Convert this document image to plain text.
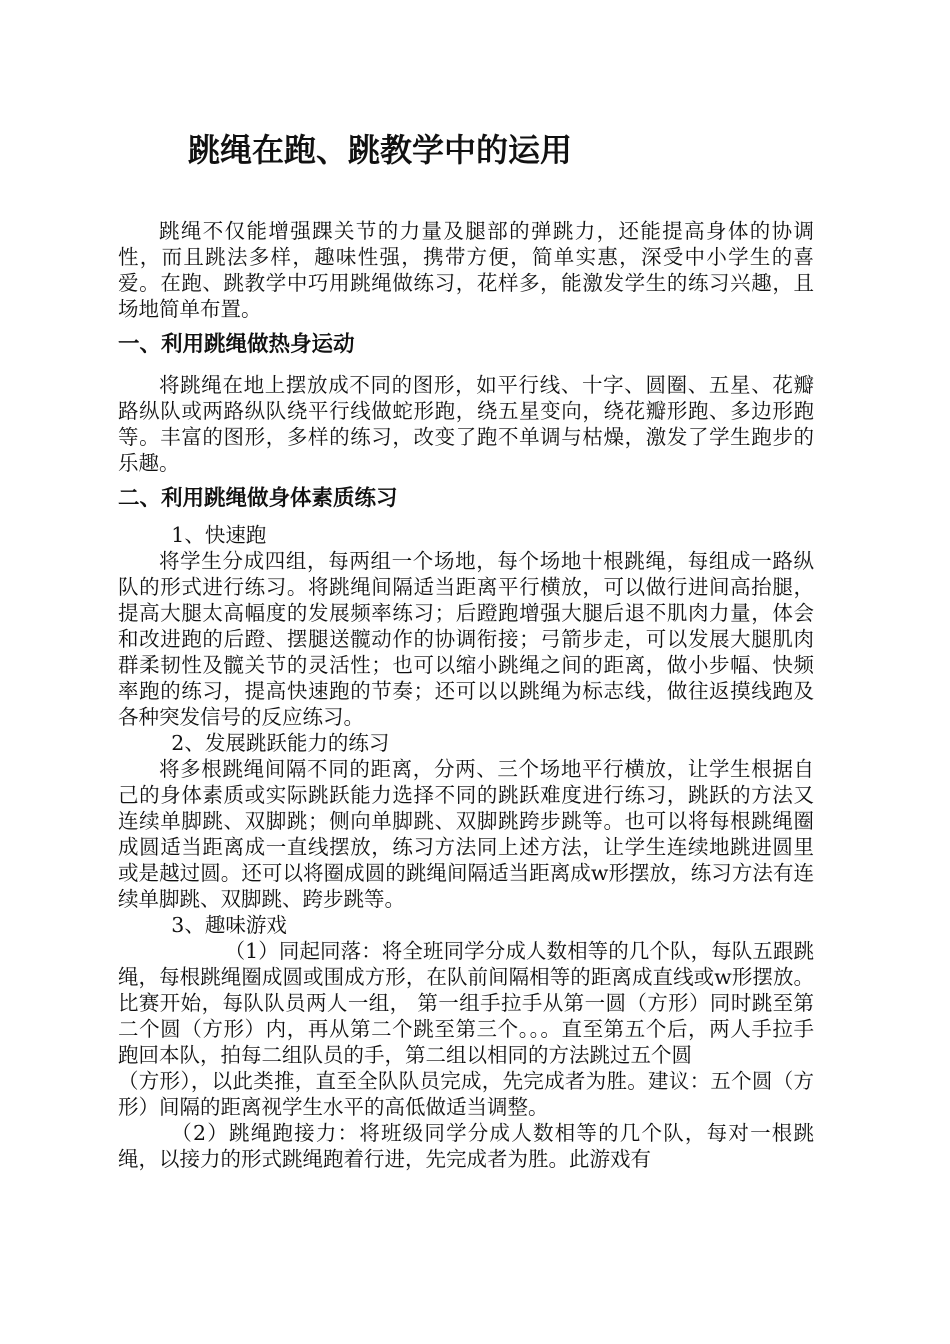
跳绳在跑、跳教学中的运用

跳绳不仅能增强踝关节的力量及腿部的弹跳力，还能提高身体的协调性，而且跳法多样，趣味性强，携带方便，简单实惠，深受中小学生的喜爱。在跑、跳教学中巧用跳绳做练习，花样多，能激发学生的练习兴趣，且场地简单布置。

一、利用跳绳做热身运动

将跳绳在地上摆放成不同的图形，如平行线、十字、圆圈、五星、花瓣路纵队或两路纵队绕平行线做蛇形跑，绕五星变向，绕花瓣形跑、多边形跑等。丰富的图形，多样的练习，改变了跑不单调与枯燥，激发了学生跑步的乐趣。

二、利用跳绳做身体素质练习

1、快速跑

将学生分成四组，每两组一个场地，每个场地十根跳绳，每组成一路纵队的形式进行练习。将跳绳间隔适当距离平行横放，可以做行进间高抬腿，提高大腿太高幅度的发展频率练习；后蹬跑增强大腿后退不肌肉力量，体会和改进跑的后蹬、摆腿送髋动作的协调衔接；弓箭步走，可以发展大腿肌肉群柔韧性及髋关节的灵活性；也可以缩小跳绳之间的距离，做小步幅、快频率跑的练习，提高快速跑的节奏；还可以以跳绳为标志线，做往返摸线跑及各种突发信号的反应练习。

2、发展跳跃能力的练习

将多根跳绳间隔不同的距离，分两、三个场地平行横放，让学生根据自己的身体素质或实际跳跃能力选择不同的跳跃难度进行练习，跳跃的方法又连续单脚跳、双脚跳；侧向单脚跳、双脚跳跨步跳等。也可以将每根跳绳圈成圆适当距离成一直线摆放，练习方法同上述方法，让学生连续地跳进圆里或是越过圆。还可以将圈成圆的跳绳间隔适当距离成w形摆放，练习方法有连续单脚跳、双脚跳、跨步跳等。

3、趣味游戏

（1）同起同落：将全班同学分成人数相等的几个队，每队五跟跳绳，每根跳绳圈成圆或围成方形，在队前间隔相等的距离成直线或w形摆放。比赛开始，每队队员两人一组， 第一组手拉手从第一圆（方形）同时跳至第二个圆（方形）内，再从第二个跳至第三个。。。直至第五个后，两人手拉手跑回本队，拍每二组队员的手，第二组以相同的方法跳过五个圆

（方形），以此类推，直至全队队员完成，先完成者为胜。建议：五个圆（方形）间隔的距离视学生水平的高低做适当调整。

（2）跳绳跑接力：将班级同学分成人数相等的几个队，每对一根跳绳，以接力的形式跳绳跑着行进，先完成者为胜。此游戏有
